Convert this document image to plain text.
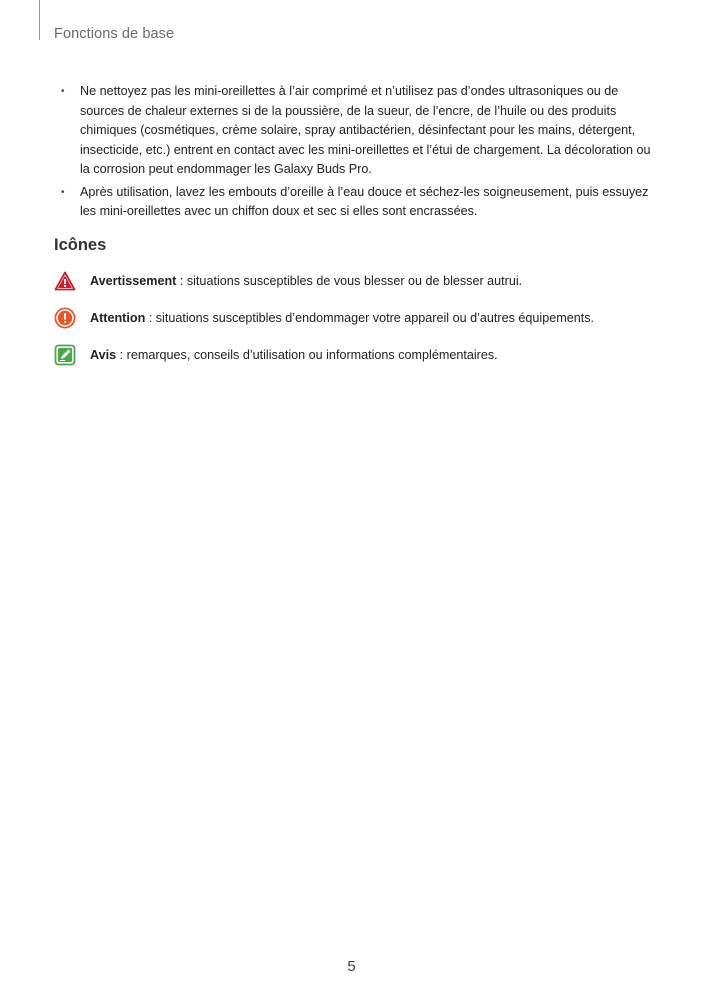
Fonctions de base
• Ne nettoyez pas les mini-oreillettes à l’air comprimé et n’utilisez pas d’ondes ultrasoniques ou de sources de chaleur externes si de la poussière, de la sueur, de l’encre, de l’huile ou des produits chimiques (cosmétiques, crème solaire, spray antibactérien, désinfectant pour les mains, détergent, insecticide, etc.) entrent en contact avec les mini-oreillettes et l’étui de chargement. La décoloration ou la corrosion peut endommager les Galaxy Buds Pro.
• Après utilisation, lavez les embouts d’oreille à l’eau douce et séchez-les soigneusement, puis essuyez les mini-oreillettes avec un chiffon doux et sec si elles sont encrassées.
Icônes
Avertissement : situations susceptibles de vous blesser ou de blesser autrui.
Attention : situations susceptibles d’endommager votre appareil ou d’autres équipements.
Avis : remarques, conseils d’utilisation ou informations complémentaires.
5
